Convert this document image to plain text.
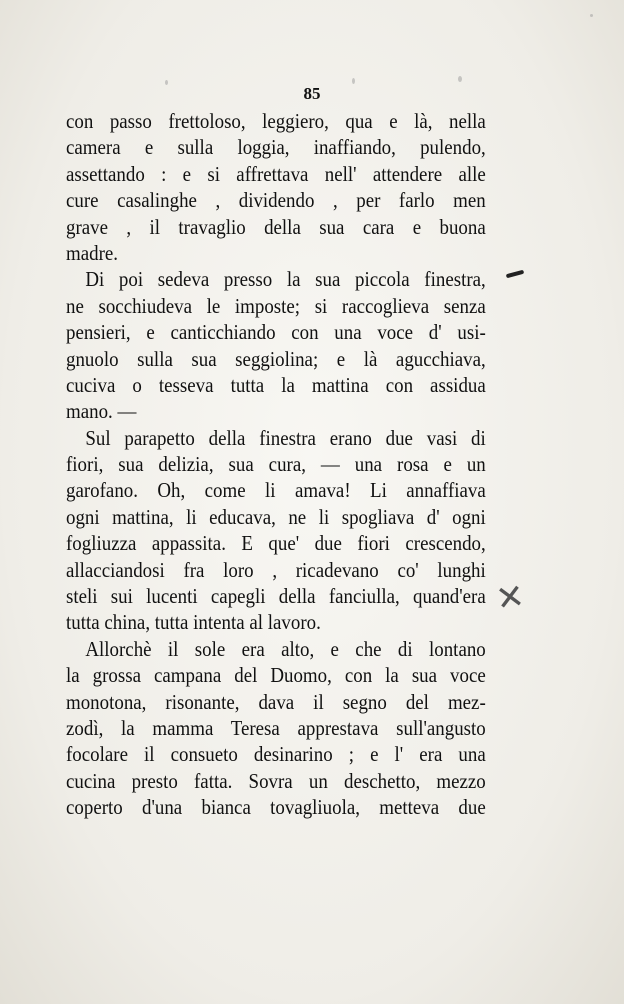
85
con passo frettoloso, leggiero, qua e là, nella
camera e sulla loggia, inaffiando, pulendo,
assettando : e si affrettava nell' attendere alle
cure casalinghe , dividendo , per farlo men
grave , il travaglio della sua cara e buona
madre.
Di poi sedeva presso la sua piccola finestra,
ne socchiudeva le imposte; si raccoglieva senza
pensieri, e canticchiando con una voce d' usi-
gnuolo sulla sua seggiolina; e là agucchiava,
cuciva o tesseva tutta la mattina con assidua
mano. —
Sul parapetto della finestra erano due vasi di
fiori, sua delizia, sua cura, — una rosa e un
garofano. Oh, come li amava! Li annaffiava
ogni mattina, li educava, ne li spogliava d' ogni
fogliuzza appassita. E que' due fiori crescendo,
allacciandosi fra loro , ricadevano co' lunghi
steli sui lucenti capegli della fanciulla, quand'era
tutta china, tutta intenta al lavoro.
Allorchè il sole era alto, e che di lontano
la grossa campana del Duomo, con la sua voce
monotona, risonante, dava il segno del mez-
zodì, la mamma Teresa apprestava sull'angusto
focolare il consueto desinarino ; e l' era una
cucina presto fatta. Sovra un deschetto, mezzo
coperto d'una bianca tovagliuola, metteva due
✕
